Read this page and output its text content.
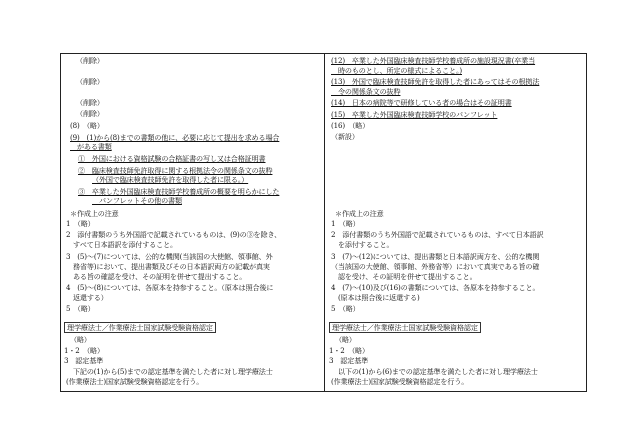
（削除）
（削除）
（削除）
（削除）
(8)　（略）
(9)　(1)から(8)までの書類の他に、必要に応じて提出を求める場合
　がある書類
①　外国における資格試験の合格証書の写し又は合格証明書
②　臨床検査技師免許取得に関する根拠法令の関係条文の抜粋
（外国で臨床検査技師免許を取得した者に限る。）
③　卒業した外国臨床検査技師学校養成所の概要を明らかにした
　パンフレットその他の書類
＊作成上の注意
1　（略）
2　添付書類のうち外国語で記載されているものは、(9)の③を除き、
　すべて日本語訳を添付すること。
3　(5)～(7)については、公的な機関(当該国の大使館、領事館、外
　務省等)において、提出書類及びその日本語訳両方の記載が真実
　ある旨の確認を受け、その証明を併せて提出すること。
4　(5)～(8)については、各原本を持参すること。（原本は照合後に
　返還する）
5　（略）
理学療法士／作業療法士国家試験受験資格認定
（略）
1・2　（略）
3　認定基準
　下記の(1)から(5)までの認定基準を満たした者に対し理学療法士
(作業療法士)国家試験受験資格認定を行う。
(12)　卒業した外国臨床検査技師学校養成所の施設現況書(卒業当
　時のものとし、所定の様式によること。)
(13)　外国で臨床検査技師免許を取得した者にあってはその根拠法
　令の関係条文の抜粋
(14)　日本の病院等で研修している者の場合はその証明書
(15)　卒業した外国臨床検査技師学校のパンフレット
(16)　（略）
（新設）
＊作成上の注意
1　（略）
2　添付書類のうち外国語で記載されているものは、すべて日本語訳
　を添付すること。
3　(7)～(12)については、提出書類と日本語訳両方を、公的な機関
（当該国の大使館、領事館、外務省等）において真実である旨の確
　認を受け、その証明を併せて提出すること。
4　(7)～(10)及び(16)の書類については、各原本を持参すること。
　(原本は照合後に返還する)
5　（略）
理学療法士／作業療法士国家試験受験資格認定
（略）
1・2　（略）
3　認定基準
　以下の(1)から(6)までの認定基準を満たした者に対し理学療法士
(作業療法士)国家試験受験資格認定を行う。
